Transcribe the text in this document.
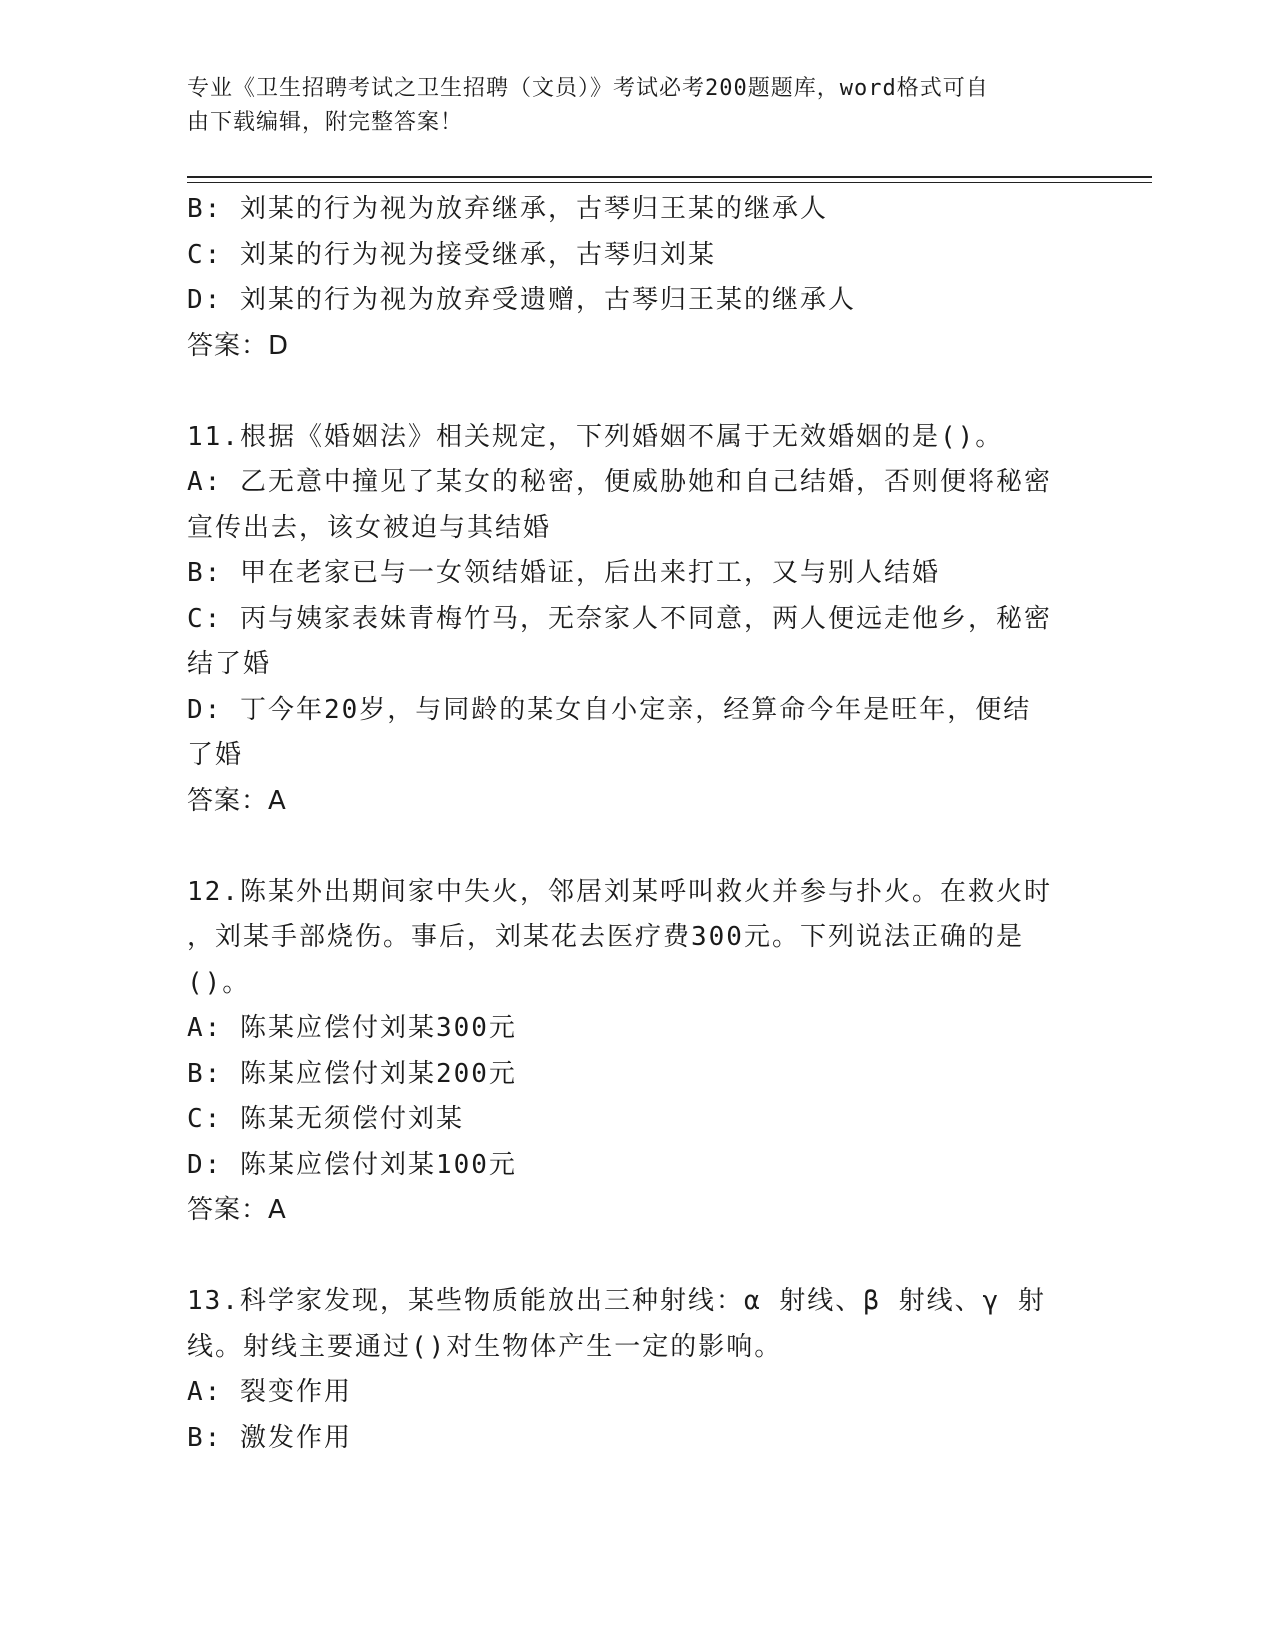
专业《卫生招聘考试之卫生招聘（文员）》考试必考200题题库，word格式可自
由下载编辑，附完整答案！
B: 刘某的行为视为放弃继承，古琴归王某的继承人
C: 刘某的行为视为接受继承，古琴归刘某
D: 刘某的行为视为放弃受遗赠，古琴归王某的继承人
答案：D
11.根据《婚姻法》相关规定，下列婚姻不属于无效婚姻的是()。
A: 乙无意中撞见了某女的秘密，便威胁她和自己结婚，否则便将秘密
宣传出去，该女被迫与其结婚
B: 甲在老家已与一女领结婚证，后出来打工，又与别人结婚
C: 丙与姨家表妹青梅竹马，无奈家人不同意，两人便远走他乡，秘密
结了婚
D: 丁今年20岁，与同龄的某女自小定亲，经算命今年是旺年，便结
了婚
答案：A
12.陈某外出期间家中失火，邻居刘某呼叫救火并参与扑火。在救火时
，刘某手部烧伤。事后，刘某花去医疗费300元。下列说法正确的是
()。
A: 陈某应偿付刘某300元
B: 陈某应偿付刘某200元
C: 陈某无须偿付刘某
D: 陈某应偿付刘某100元
答案：A
13.科学家发现，某些物质能放出三种射线：α 射线、β 射线、γ 射
线。射线主要通过()对生物体产生一定的影响。
A: 裂变作用
B: 激发作用
